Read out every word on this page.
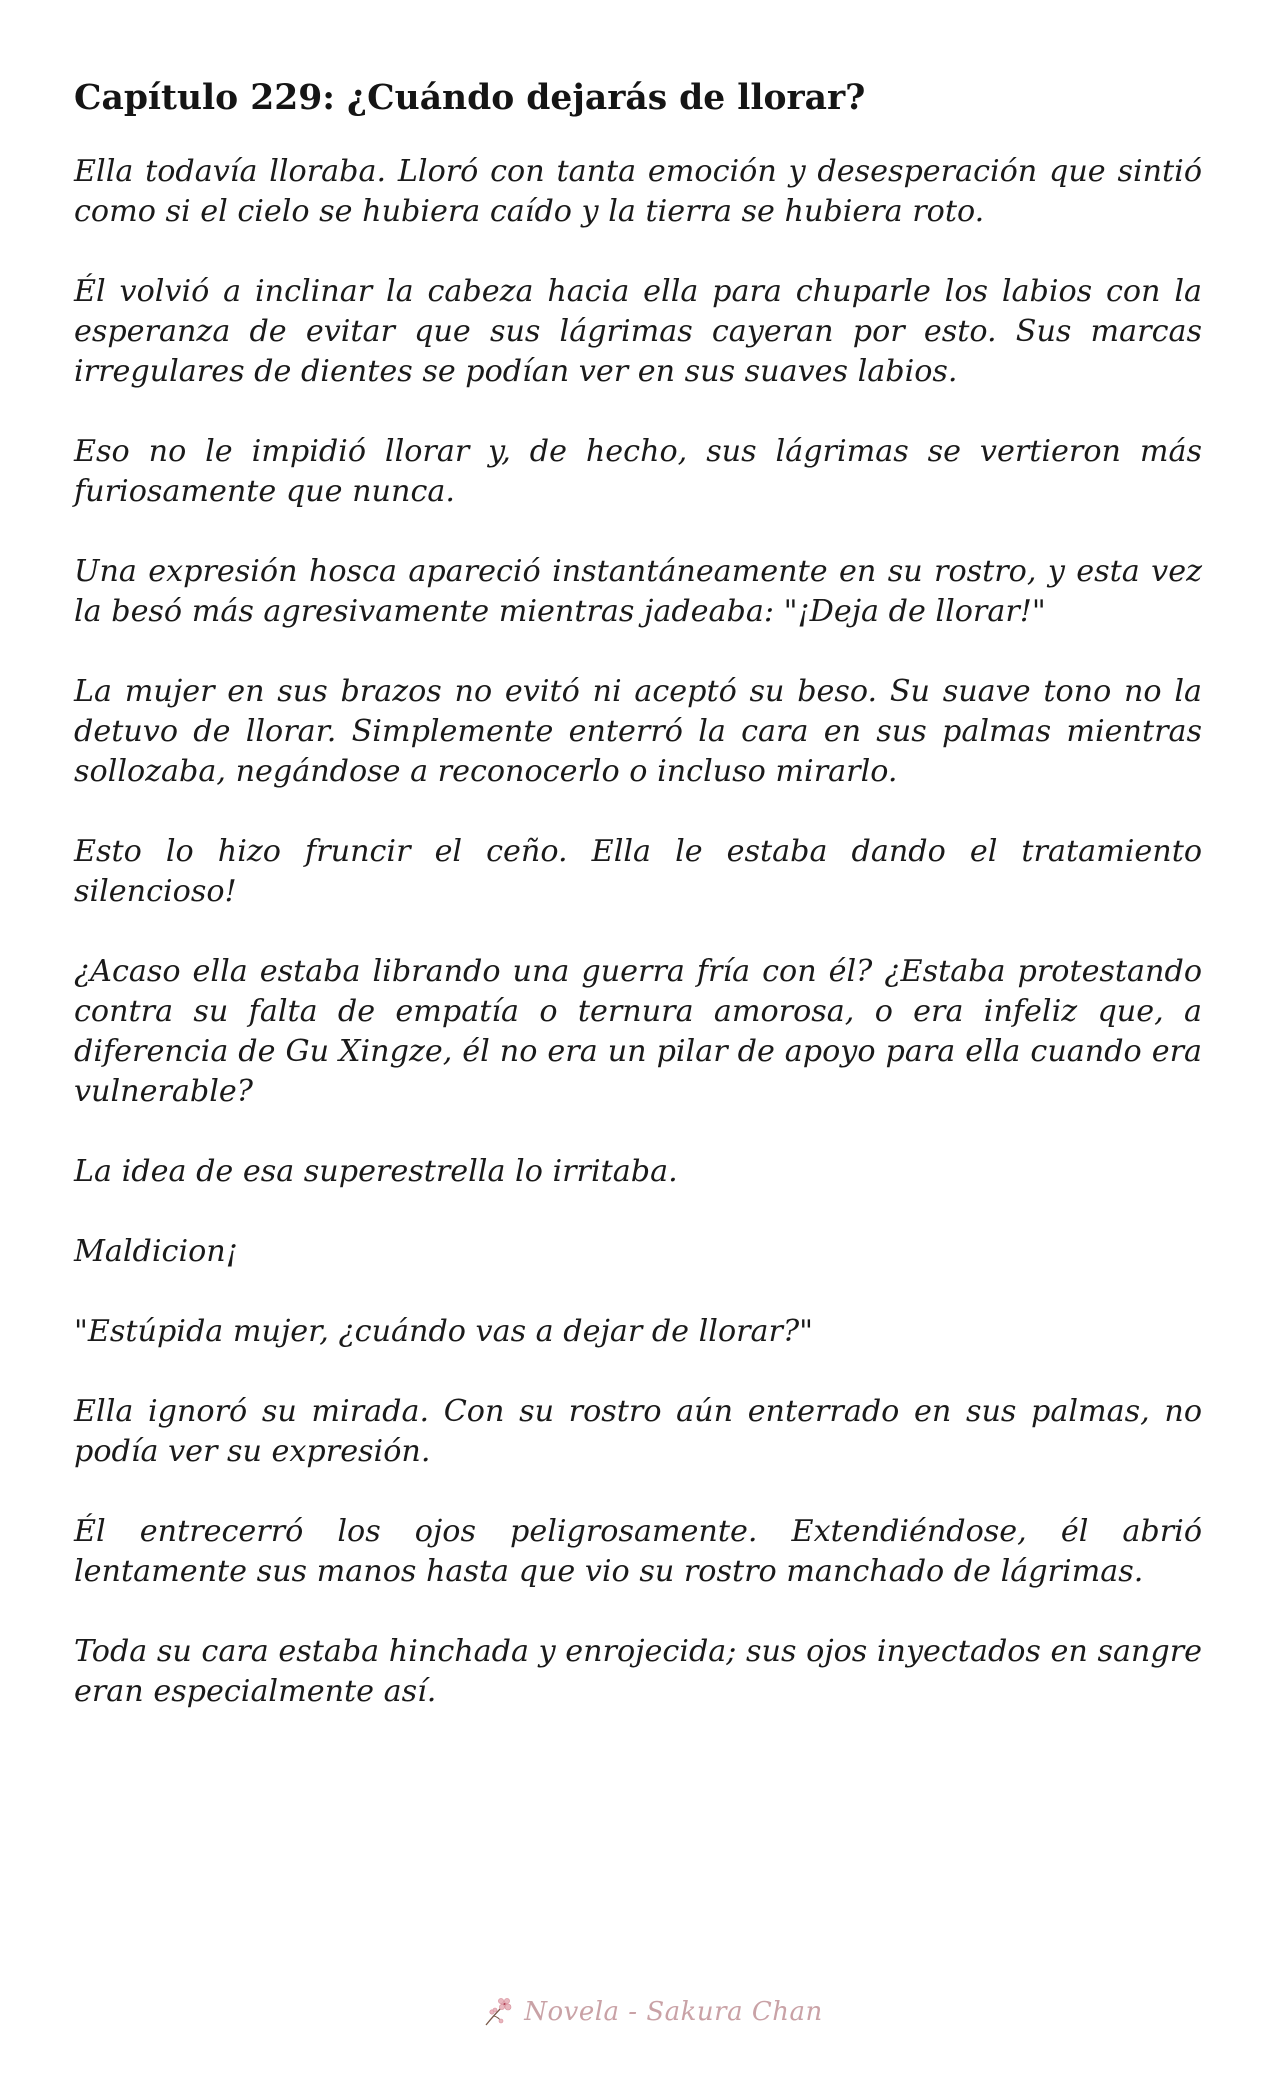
Capítulo 229: ¿Cuándo dejarás de llorar?

Ella todavía lloraba. Lloró con tanta emoción y desesperación que sintió como si el cielo se hubiera caído y la tierra se hubiera roto.

Él volvió a inclinar la cabeza hacia ella para chuparle los labios con la esperanza de evitar que sus lágrimas cayeran por esto. Sus marcas irregulares de dientes se podían ver en sus suaves labios.

Eso no le impidió llorar y, de hecho, sus lágrimas se vertieron más furiosamente que nunca.

Una expresión hosca apareció instantáneamente en su rostro, y esta vez la besó más agresivamente mientras jadeaba: "¡Deja de llorar!"

La mujer en sus brazos no evitó ni aceptó su beso. Su suave tono no la detuvo de llorar. Simplemente enterró la cara en sus palmas mientras sollozaba, negándose a reconocerlo o incluso mirarlo.

Esto lo hizo fruncir el ceño. Ella le estaba dando el tratamiento silencioso!

¿Acaso ella estaba librando una guerra fría con él? ¿Estaba protestando contra su falta de empatía o ternura amorosa, o era infeliz que, a diferencia de Gu Xingze, él no era un pilar de apoyo para ella cuando era vulnerable?

La idea de esa superestrella lo irritaba.

Maldicion¡

"Estúpida mujer, ¿cuándo vas a dejar de llorar?"

Ella ignoró su mirada. Con su rostro aún enterrado en sus palmas, no podía ver su expresión.

Él entrecerró los ojos peligrosamente. Extendiéndose, él abrió lentamente sus manos hasta que vio su rostro manchado de lágrimas.

Toda su cara estaba hinchada y enrojecida; sus ojos inyectados en sangre eran especialmente así.

Novela - Sakura Chan
